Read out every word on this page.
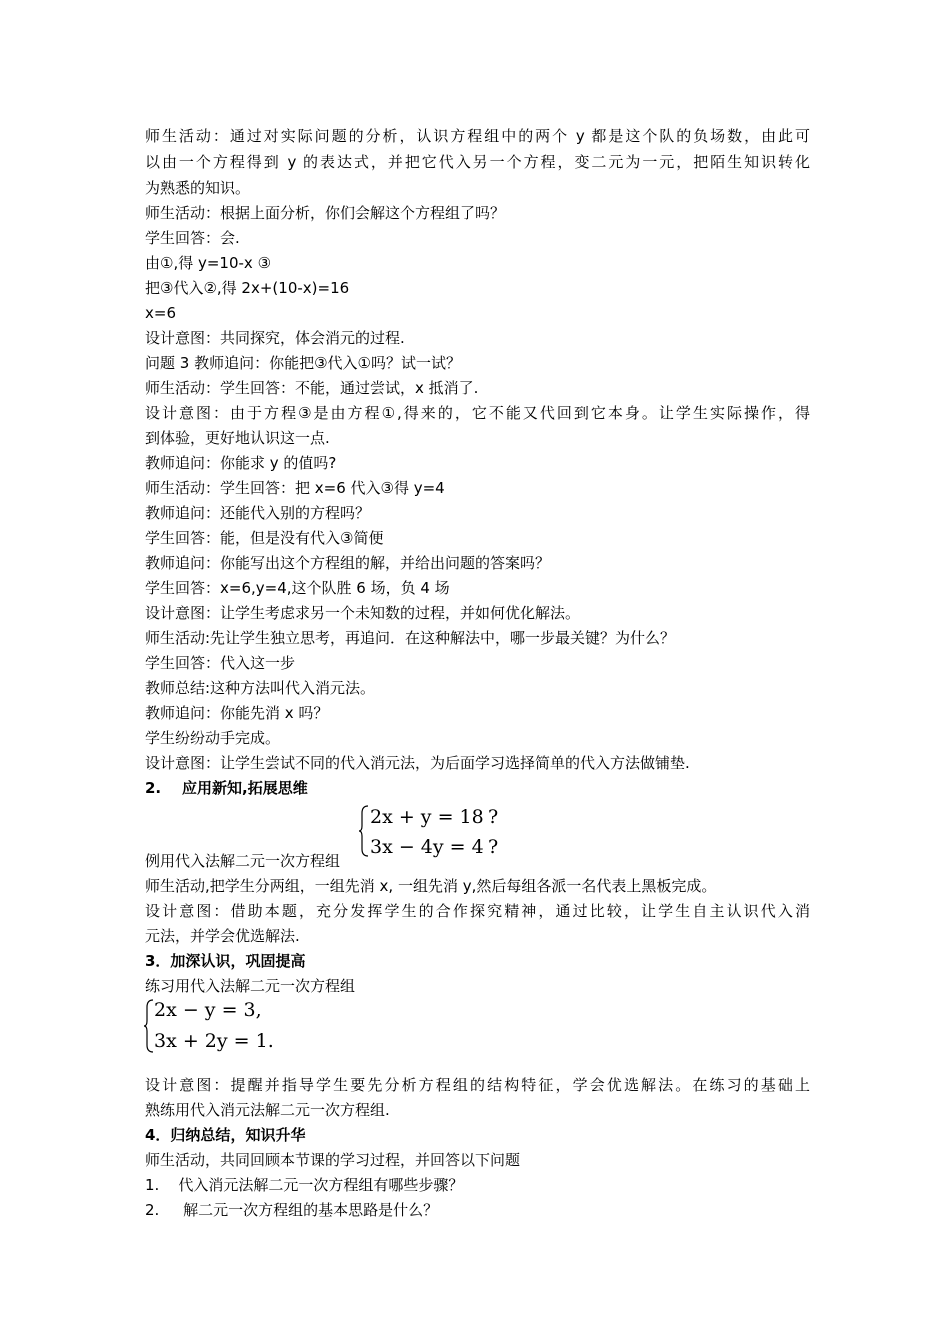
师生活动：通过对实际问题的分析，认识方程组中的两个 y 都是这个队的负场数，由此可
以由一个方程得到 y 的表达式，并把它代入另一个方程，变二元为一元，把陌生知识转化
为熟悉的知识。
师生活动：根据上面分析，你们会解这个方程组了吗？
学生回答：会.
由①,得 y=10-x ③
把③代入②,得 2x+(10-x)=16
x=6
设计意图：共同探究，体会消元的过程.
问题 3 教师追问：你能把③代入①吗？试一试？
师生活动：学生回答：不能，通过尝试，x 抵消了.
设计意图：由于方程③是由方程①,得来的，它不能又代回到它本身。让学生实际操作，得
到体验，更好地认识这一点.
教师追问：你能求 y 的值吗?
师生活动：学生回答：把 x=6 代入③得 y=4
教师追问：还能代入别的方程吗？
学生回答：能，但是没有代入③简便
教师追问：你能写出这个方程组的解，并给出问题的答案吗？
学生回答：x=6,y=4,这个队胜 6 场，负 4 场
设计意图：让学生考虑求另一个未知数的过程，并如何优化解法。
师生活动:先让学生独立思考，再追问．在这种解法中，哪一步最关键？为什么？
学生回答：代入这一步
教师总结:这种方法叫代入消元法。
教师追问：你能先消 x 吗？
学生纷纷动手完成。
设计意图：让学生尝试不同的代入消元法，为后面学习选择简单的代入方法做铺垫.
2.    应用新知,拓展思维
2x + y = 18
3x − 4y = 4
?
?
例用代入法解二元一次方程组
师生活动,把学生分两组，一组先消 x, 一组先消 y,然后每组各派一名代表上黑板完成。
设计意图：借助本题，充分发挥学生的合作探究精神，通过比较，让学生自主认识代入消
元法，并学会优选解法.
3．加深认识，巩固提高
练习用代入法解二元一次方程组
2x − y = 3,
3x + 2y = 1.
设计意图：提醒并指导学生要先分析方程组的结构特征，学会优选解法。在练习的基础上
熟练用代入消元法解二元一次方程组.
4．归纳总结，知识升华
师生活动，共同回顾本节课的学习过程，并回答以下问题
1.    代入消元法解二元一次方程组有哪些步骤？
2.     解二元一次方程组的基本思路是什么？
